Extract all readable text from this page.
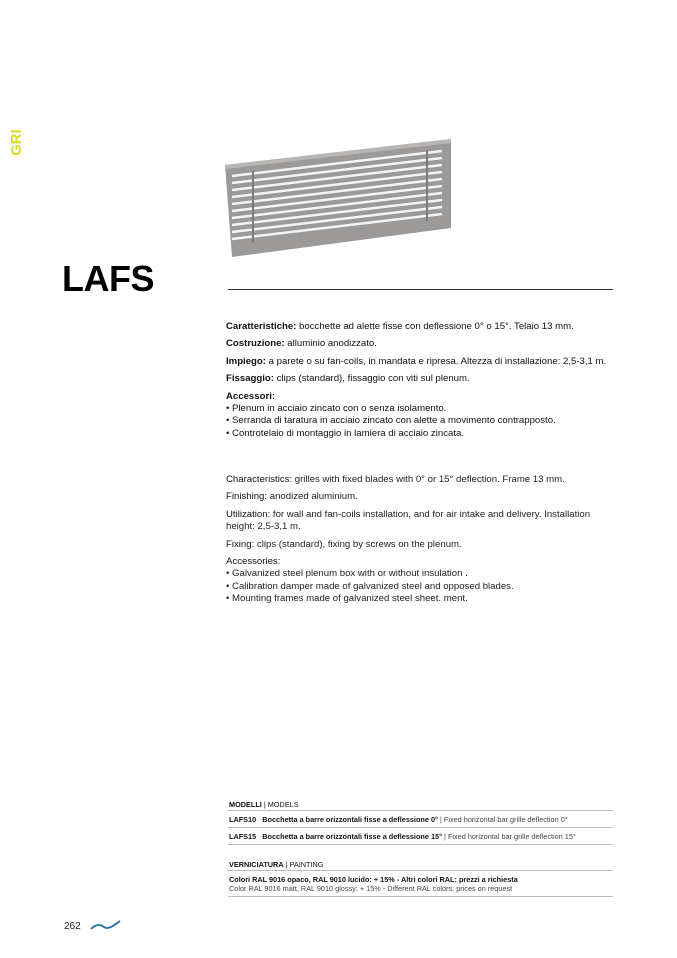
GRI
LAFS

Caratteristiche: bocchette ad alette fisse con deflessione 0° o 15°. Telaio 13 mm.

Costruzione: alluminio anodizzato.

Impiego: a parete o su fan-coils, in mandata e ripresa. Altezza di installazione: 2,5-3,1 m.

Fissaggio: clips (standard), fissaggio con viti sul plenum.

Accessori:
• Plenum in acciaio zincato con o senza isolamento.
• Serranda di taratura in acciaio zincato con alette a movimento contrapposto.
• Controtelaio di montaggio in lamiera di acciaio zincata.

Characteristics: grilles with fixed blades with 0° or 15° deflection. Frame 13 mm.

Finishing: anodized aluminium.

Utilization: for wall and fan-coils installation, and for air intake and delivery. Installation height: 2,5-3,1 m.

Fixing: clips (standard), fixing by screws on the plenum.

Accessories:
• Galvanized steel plenum box with or without insulation .
• Calibration damper made of galvanized steel and opposed blades.
• Mounting frames made of galvanized steel sheet. ment.

MODELLI | MODELS
LAFS10 Bocchetta a barre orizzontali fisse a deflessione 0° | Fixed horizontal bar grille deflection 0°
LAFS15 Bocchetta a barre orizzontali fisse a deflessione 15° | Fixed horizontal bar grille deflection 15°
VERNICIATURA | PAINTING
Colori RAL 9016 opaco, RAL 9010 lucido: + 15% - Altri colori RAL: prezzi a richiesta
Color RAL 9016 matt, RAL 9010 glossy: + 15% - Different RAL colors: prices on request
262
